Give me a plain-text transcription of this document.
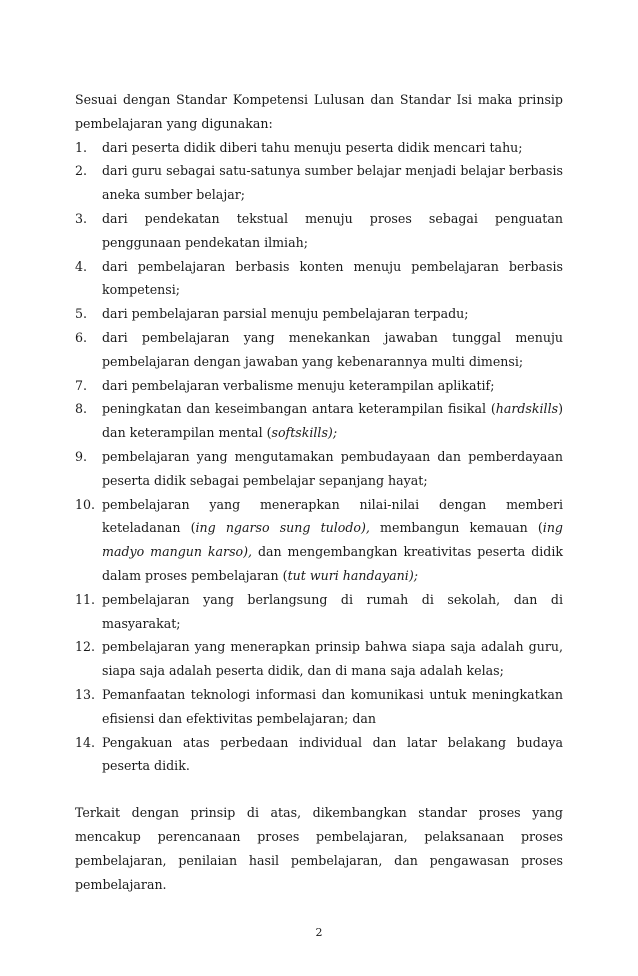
Sesuai dengan Standar Kompetensi Lulusan dan Standar Isi maka prinsip pembelajaran yang digunakan:

1. dari peserta didik diberi tahu menuju peserta didik mencari tahu;
2. dari guru sebagai satu-satunya sumber belajar menjadi belajar berbasis aneka sumber belajar;
3. dari pendekatan tekstual menuju proses sebagai penguatan penggunaan pendekatan ilmiah;
4. dari pembelajaran berbasis konten menuju pembelajaran berbasis kompetensi;
5. dari pembelajaran parsial menuju pembelajaran terpadu;
6. dari pembelajaran yang menekankan jawaban tunggal menuju pembelajaran dengan jawaban yang kebenarannya multi dimensi;
7. dari pembelajaran verbalisme menuju keterampilan aplikatif;
8. peningkatan dan keseimbangan antara keterampilan fisikal (hardskills) dan keterampilan mental (softskills);
9. pembelajaran yang mengutamakan pembudayaan dan pemberdayaan peserta didik sebagai pembelajar sepanjang hayat;
10. pembelajaran yang menerapkan nilai-nilai dengan memberi keteladanan (ing ngarso sung tulodo), membangun kemauan (ing madyo mangun karso), dan mengembangkan kreativitas peserta didik dalam proses pembelajaran (tut wuri handayani);
11. pembelajaran yang berlangsung di rumah di sekolah, dan di masyarakat;
12. pembelajaran yang menerapkan prinsip bahwa siapa saja adalah guru, siapa saja adalah peserta didik, dan di mana saja adalah kelas;
13. Pemanfaatan teknologi informasi dan komunikasi untuk meningkatkan efisiensi dan efektivitas pembelajaran; dan
14. Pengakuan atas perbedaan individual dan latar belakang budaya peserta didik.

Terkait dengan prinsip di atas, dikembangkan standar proses yang mencakup perencanaan proses pembelajaran, pelaksanaan proses pembelajaran, penilaian hasil pembelajaran, dan pengawasan proses pembelajaran.

2
